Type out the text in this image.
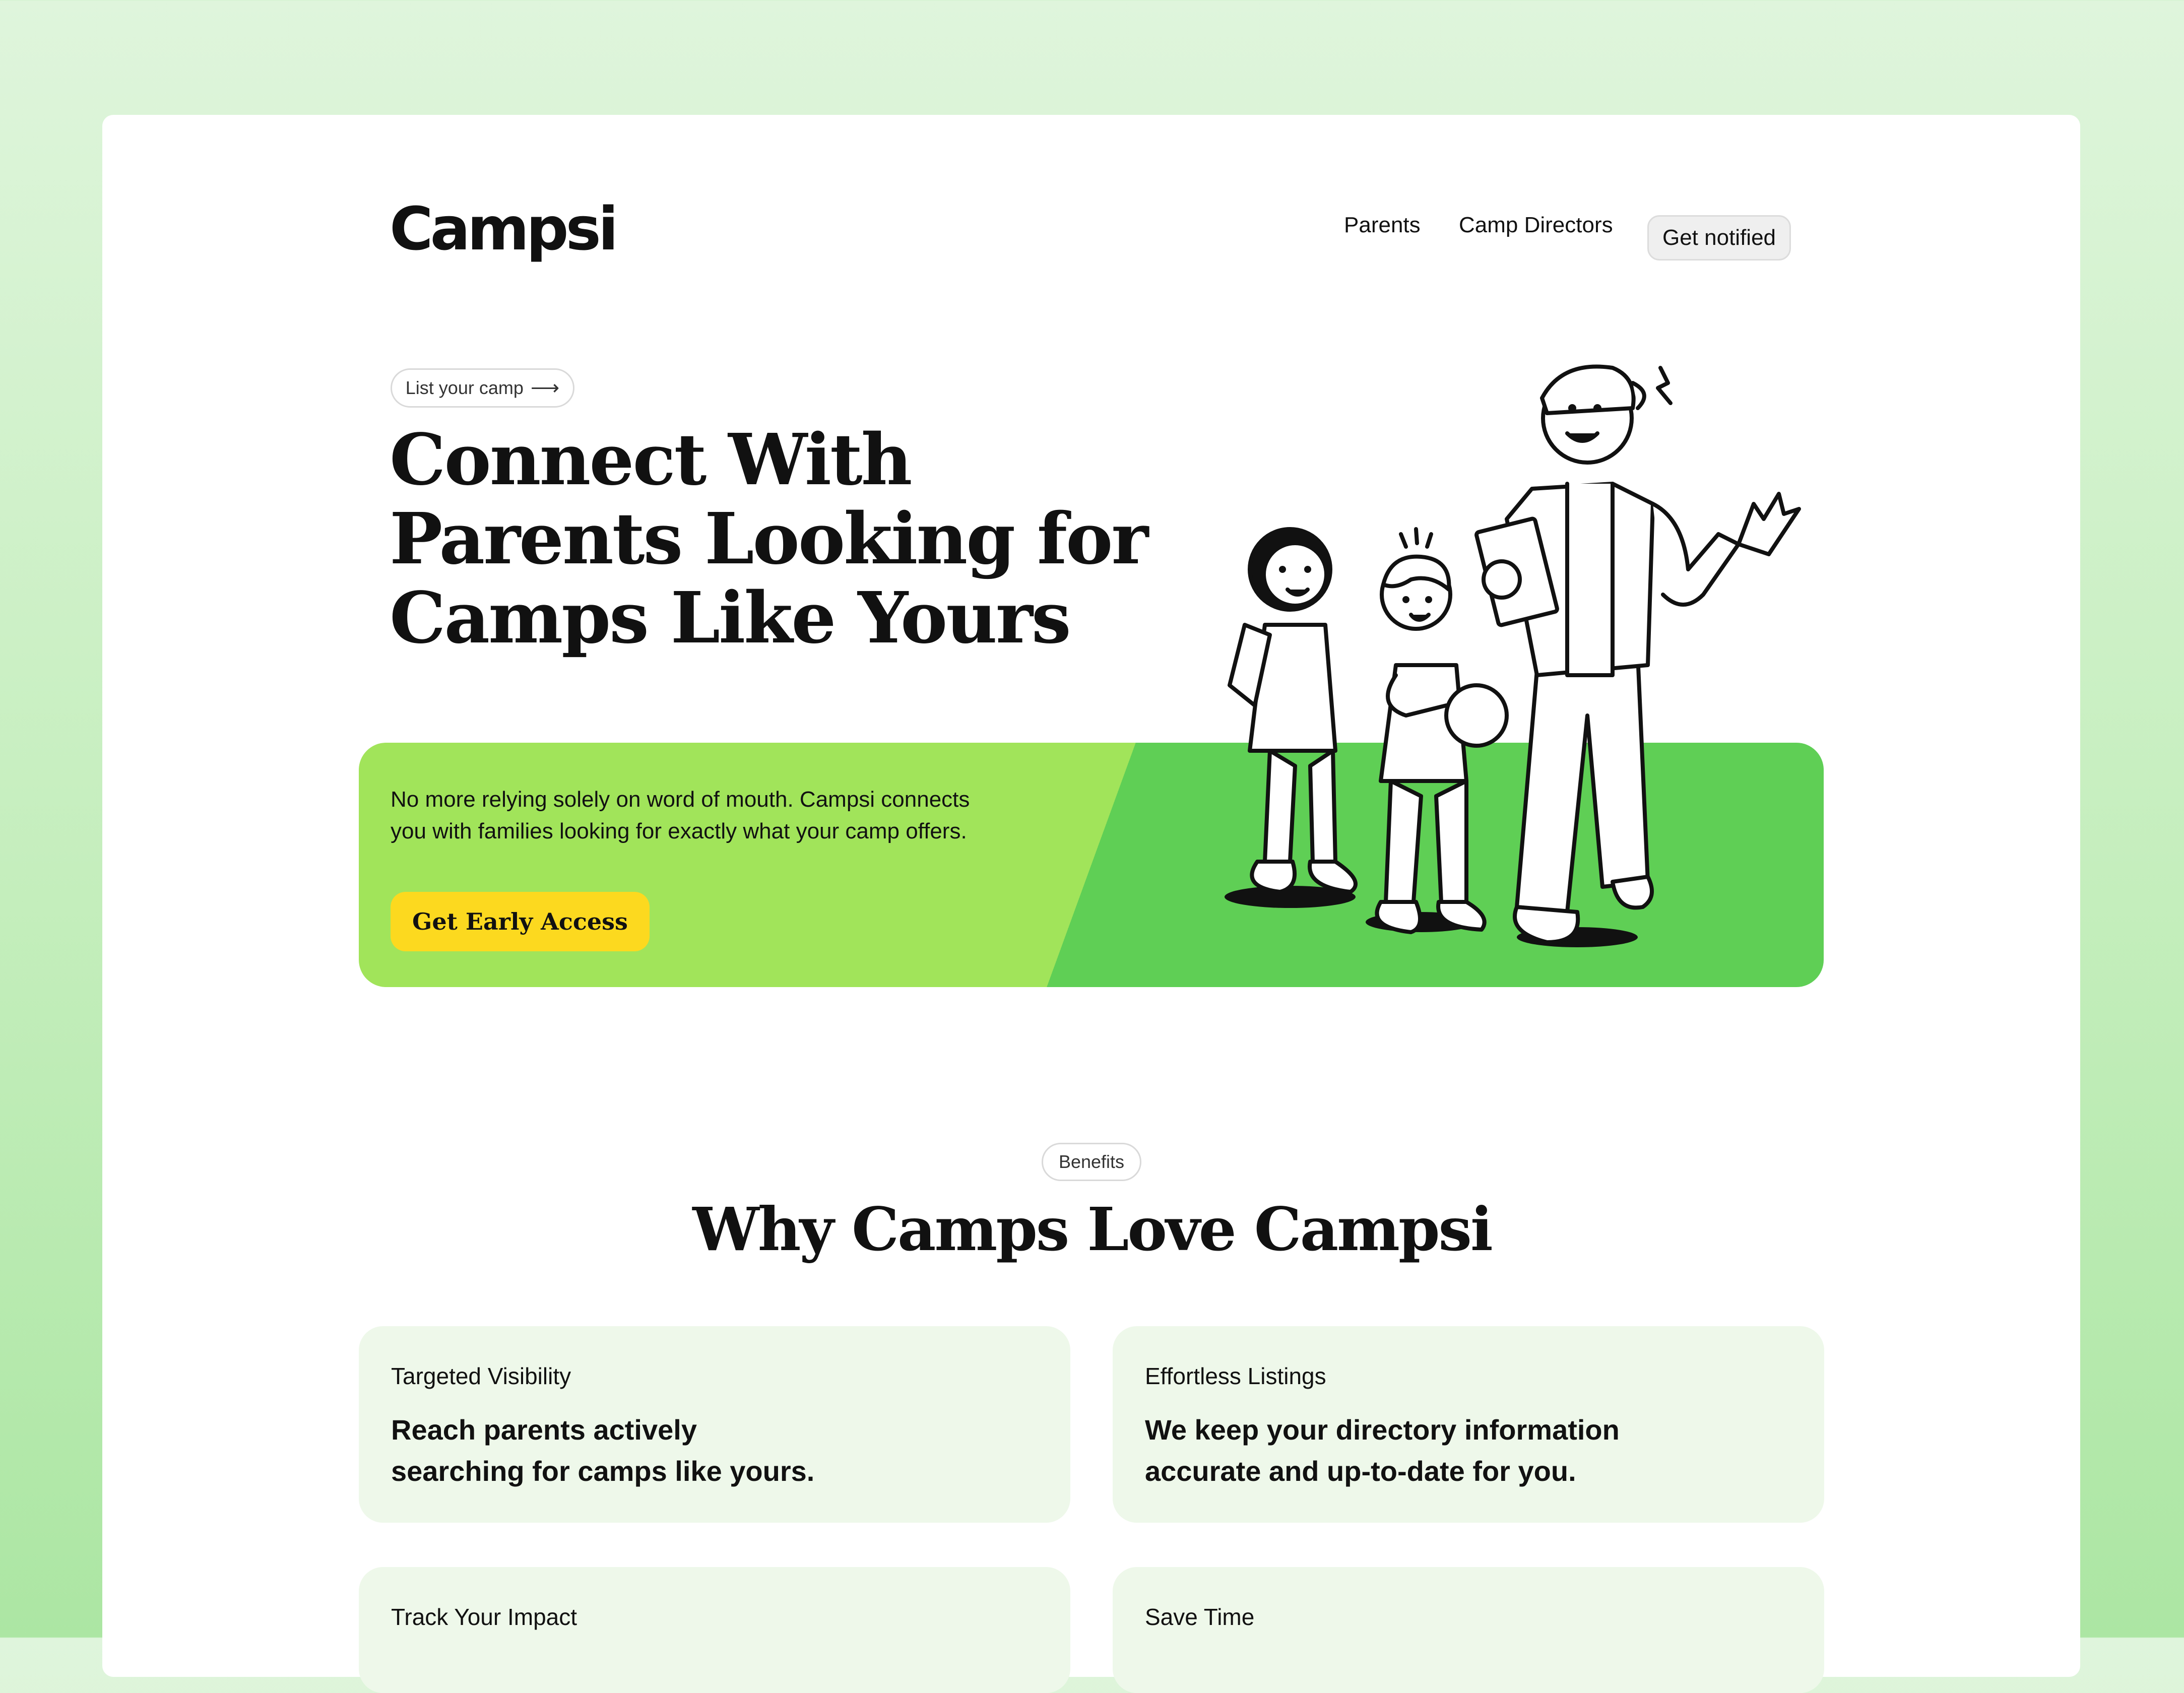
Campsi	Parents Camp Directors
Get notified
List your camp ⟶
Connect With
Parents Looking for
Camps Like Yours

No more relying solely on word of mouth. Campsi connects
you with families looking for exactly what your camp offers.

Get Early Access
Benefits
Why Camps Love Campsi
Targeted Visibility

Reach parents actively
searching for camps like yours.

Effortless Listings

We keep your directory information
accurate and up-to-date for you.

Track Your Impact	Save Time
